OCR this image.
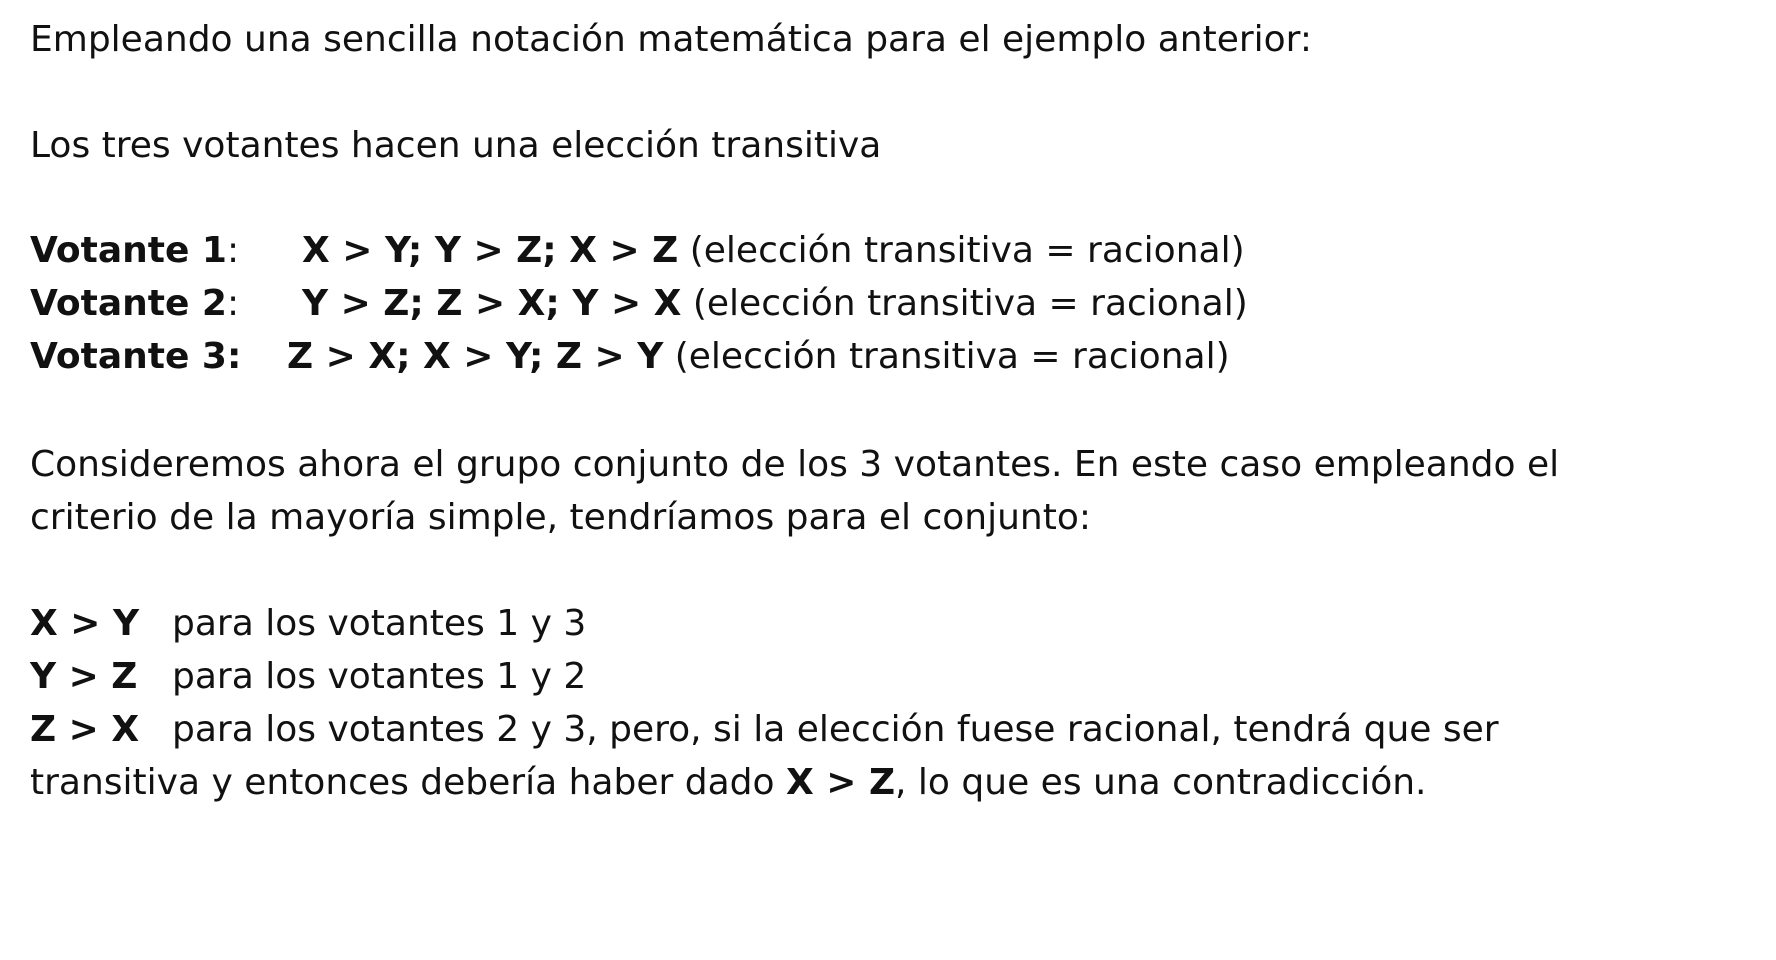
Empleando una sencilla notación matemática para el ejemplo anterior:
Los tres votantes hacen una elección transitiva
Votante 1: X > Y; Y > Z; X > Z (elección transitiva = racional)
Votante 2: Y > Z; Z > X; Y > X (elección transitiva = racional)
Votante 3: Z > X; X > Y; Z > Y (elección transitiva = racional)
Consideremos ahora el grupo conjunto de los 3 votantes. En este caso empleando el
criterio de la mayoría simple, tendríamos para el conjunto:
X > Y para los votantes 1 y 3
Y > Z para los votantes 1 y 2
Z > X para los votantes 2 y 3, pero, si la elección fuese racional, tendrá que ser
transitiva y entonces debería haber dado X > Z, lo que es una contradicción.
